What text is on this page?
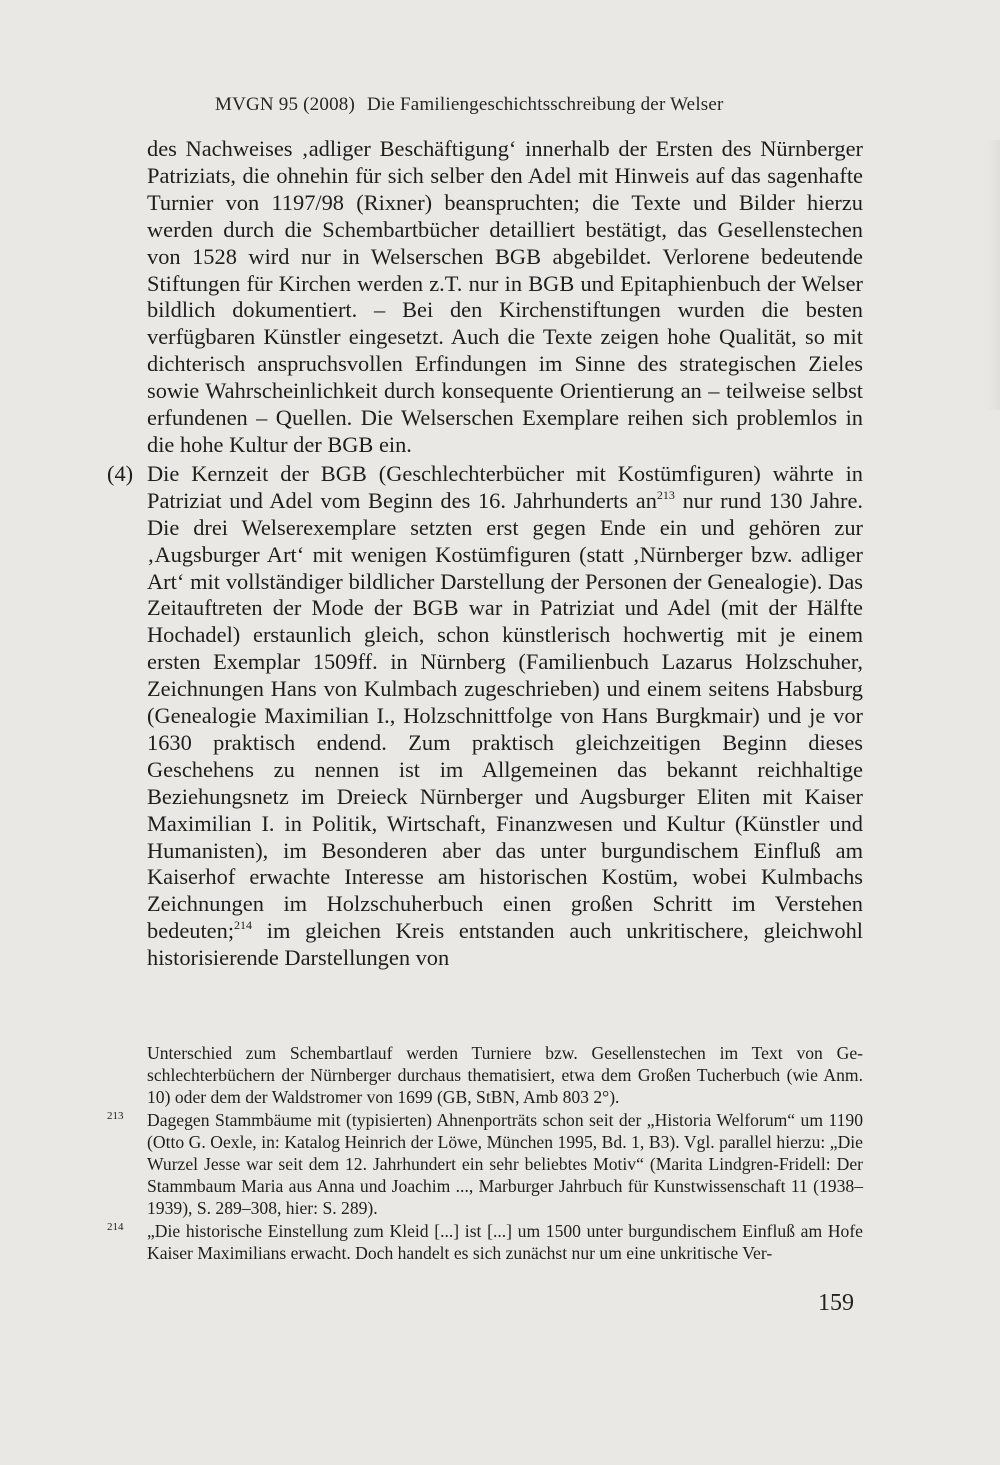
MVGN 95 (2008) Die Familiengeschichtsschreibung der Welser

des Nachweises ‚adliger Beschäftigung‘ innerhalb der Ersten des Nürnberger Patriziats, die ohnehin für sich selber den Adel mit Hinweis auf das sagenhafte Turnier von 1197/98 (Rixner) beanspruchten; die Texte und Bilder hierzu werden durch die Schembartbücher detailliert bestätigt, das Gesellenstechen von 1528 wird nur in Welserschen BGB abgebildet. Verlorene bedeutende Stiftungen für Kirchen werden z.T. nur in BGB und Epitaphienbuch der Welser bildlich dokumentiert. – Bei den Kirchenstiftungen wurden die besten verfügbaren Künstler eingesetzt. Auch die Texte zeigen hohe Qualität, so mit dichterisch anspruchsvollen Erfindungen im Sinne des strategischen Zieles sowie Wahrscheinlichkeit durch konsequente Orientierung an – teilweise selbst erfundenen – Quellen. Die Welserschen Exemplare reihen sich problemlos in die hohe Kultur der BGB ein.

(4) Die Kernzeit der BGB (Geschlechterbücher mit Kostümfiguren) währte in Patriziat und Adel vom Beginn des 16. Jahrhunderts an$^{213}$ nur rund 130 Jahre. Die drei Welserexemplare setzten erst gegen Ende ein und gehören zur ‚Augsburger Art‘ mit wenigen Kostümfiguren (statt ‚Nürnberger bzw. adliger Art‘ mit vollständiger bildlicher Darstellung der Personen der Genealogie). Das Zeitauftreten der Mode der BGB war in Patriziat und Adel (mit der Hälfte Hochadel) erstaunlich gleich, schon künstlerisch hochwertig mit je einem ersten Exemplar 1509ff. in Nürnberg (Familienbuch Lazarus Holzschuher, Zeichnungen Hans von Kulmbach zugeschrieben) und einem seitens Habsburg (Genealogie Maximilian I., Holzschnittfolge von Hans Burgkmair) und je vor 1630 praktisch endend. Zum praktisch gleichzeitigen Beginn dieses Geschehens zu nennen ist im Allgemeinen das bekannt reichhaltige Beziehungsnetz im Dreieck Nürnberger und Augsburger Eliten mit Kaiser Maximilian I. in Politik, Wirtschaft, Finanzwesen und Kultur (Künstler und Humanisten), im Besonderen aber das unter burgundischem Einfluß am Kaiserhof erwachte Interesse am historischen Kostüm, wobei Kulmbachs Zeichnungen im Holzschuherbuch einen großen Schritt im Verstehen bedeuten;$^{214}$ im gleichen Kreis entstanden auch unkritischere, gleichwohl historisierende Darstellungen von

Unterschied zum Schembartlauf werden Turniere bzw. Gesellenstechen im Text von Geschlechterbüchern der Nürnberger durchaus thematisiert, etwa dem Großen Tucherbuch (wie Anm. 10) oder dem der Waldstromer von 1699 (GB, StBN, Amb 803 2°).

213 Dagegen Stammbäume mit (typisierten) Ahnenporträts schon seit der „Historia Welforum“ um 1190 (Otto G. Oexle, in: Katalog Heinrich der Löwe, München 1995, Bd. 1, B3). Vgl. parallel hierzu: „Die Wurzel Jesse war seit dem 12. Jahrhundert ein sehr beliebtes Motiv“ (Marita Lindgren-Fridell: Der Stammbaum Maria aus Anna und Joachim ..., Marburger Jahrbuch für Kunstwissenschaft 11 (1938–1939), S. 289–308, hier: S. 289).

214 „Die historische Einstellung zum Kleid [...] ist [...] um 1500 unter burgundischem Einfluß am Hofe Kaiser Maximilians erwacht. Doch handelt es sich zunächst nur um eine unkritische Ver-

159
